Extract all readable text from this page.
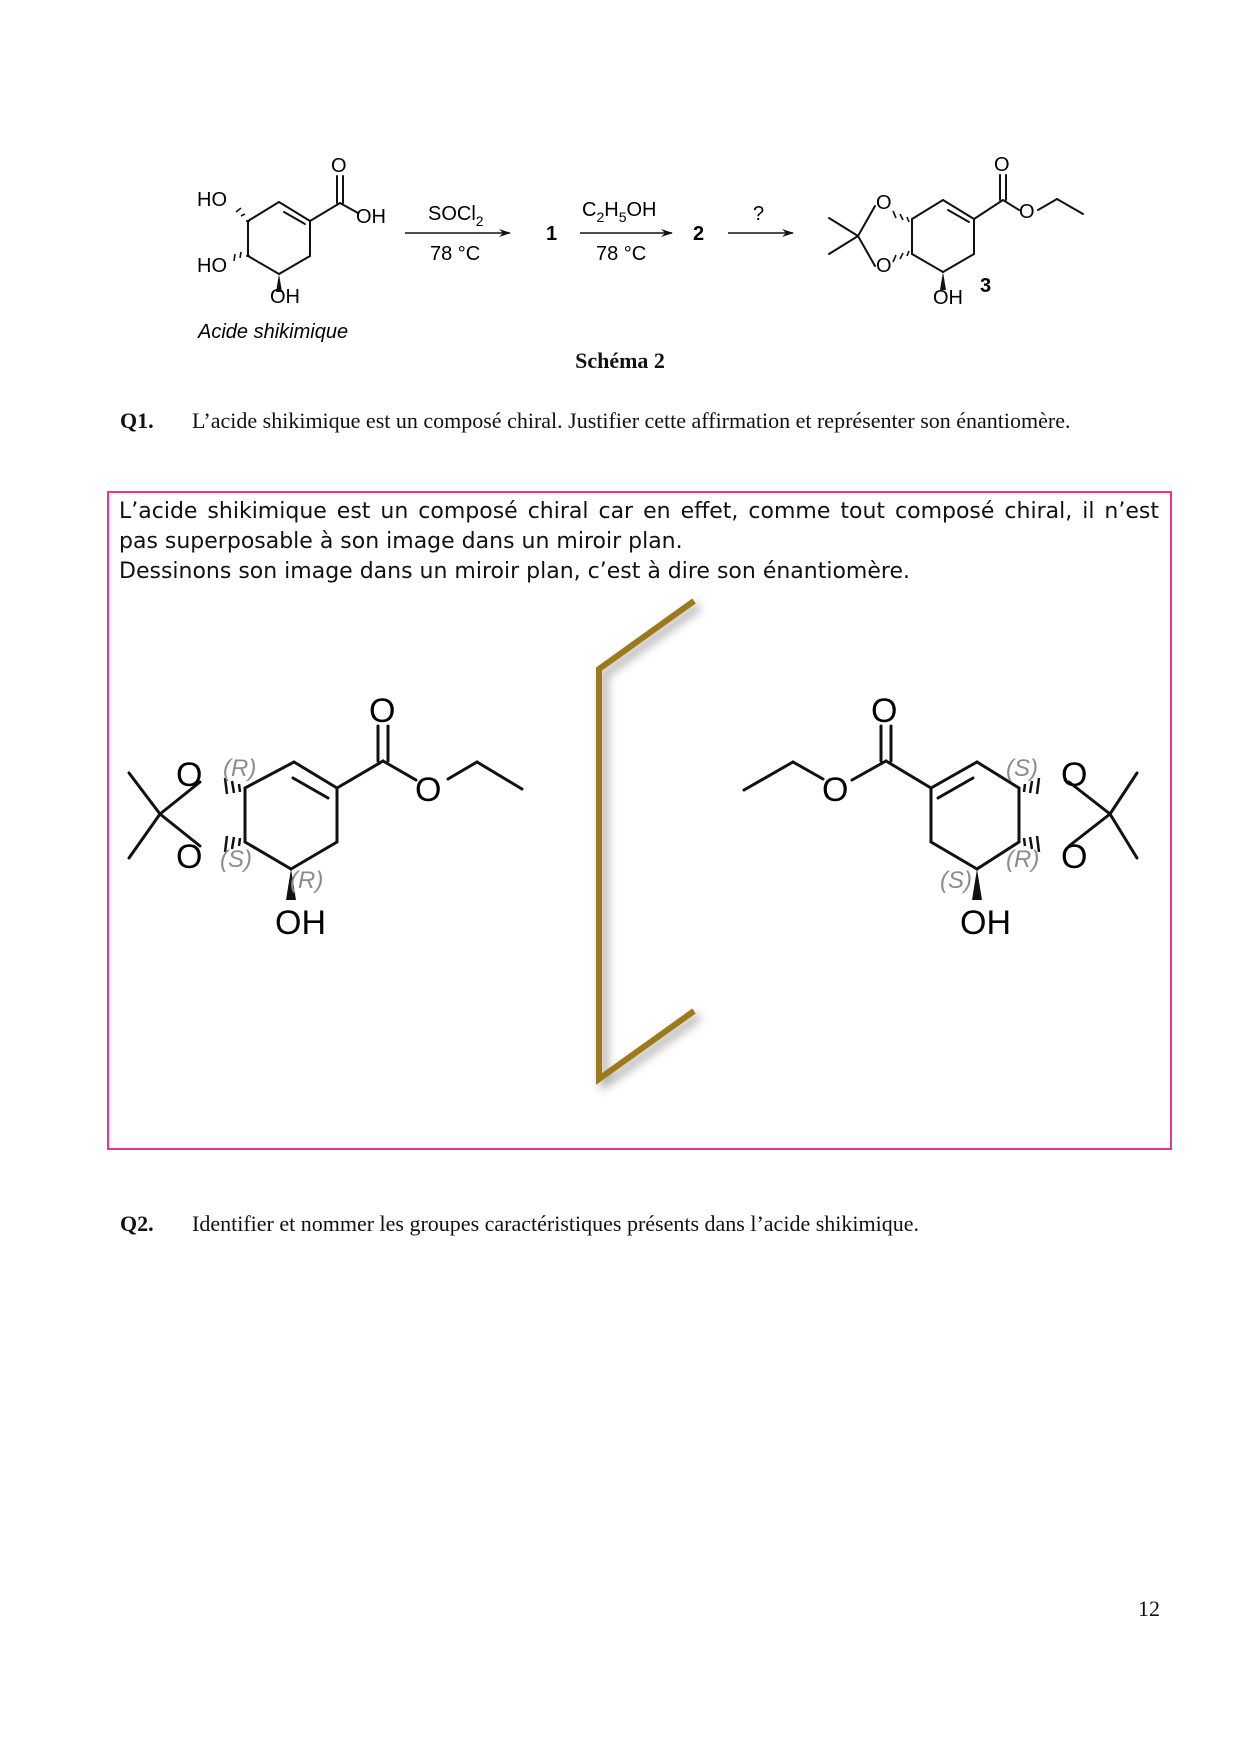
HO
HO
OH
O
OH
Acide shikimique
SOCl$_2$
78 °C
1
$C_2H_5OH$
78 °C
2
?	O
O
O
O
OH
3
Schéma 2
Q1. L’acide shikimique est un composé chiral. Justifier cette affirmation et représenter son énantiomère.
L’acide shikimique est un composé chiral car en effet, comme tout composé chiral, il n’est pas superposable à son image dans un miroir plan.
Dessinons son image dans un miroir plan, c’est à dire son énantiomère.
O
O
O
O
OH
(R)
(S)
(R)
O
O
O
O
OH
(S)
(R)
(S)
Q2. Identifier et nommer les groupes caractéristiques présents dans l’acide shikimique.
12
